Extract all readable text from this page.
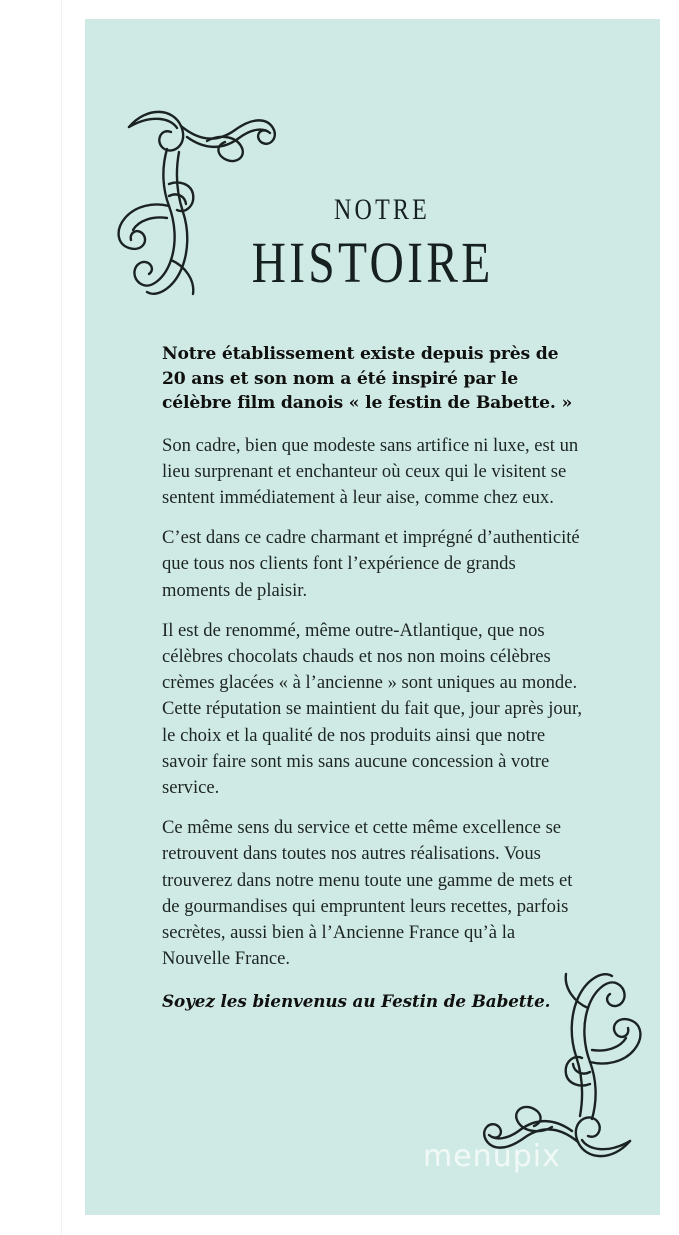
NOTRE
HISTOIRE

Notre établissement existe depuis près de 20 ans et son nom a été inspiré par le célèbre film danois « le festin de Babette. »

Son cadre, bien que modeste sans artifice ni luxe, est un lieu surprenant et enchanteur où ceux qui le visitent se sentent immédiatement à leur aise, comme chez eux.

C’est dans ce cadre charmant et imprégné d’authenticité que tous nos clients font l’expérience de grands moments de plaisir.

Il est de renommé, même outre-Atlantique, que nos célèbres chocolats chauds et nos non moins célèbres crèmes glacées « à l’ancienne » sont uniques au monde. Cette réputation se maintient du fait que, jour après jour, le choix et la qualité de nos produits ainsi que notre savoir faire sont mis sans aucune concession à votre service.

Ce même sens du service et cette même excellence se retrouvent dans toutes nos autres réalisations. Vous trouverez dans notre menu toute une gamme de mets et de gourmandises qui empruntent leurs recettes, parfois secrètes, aussi bien à l’Ancienne France qu’à la Nouvelle France.

Soyez les bienvenus au Festin de Babette.

menupix
